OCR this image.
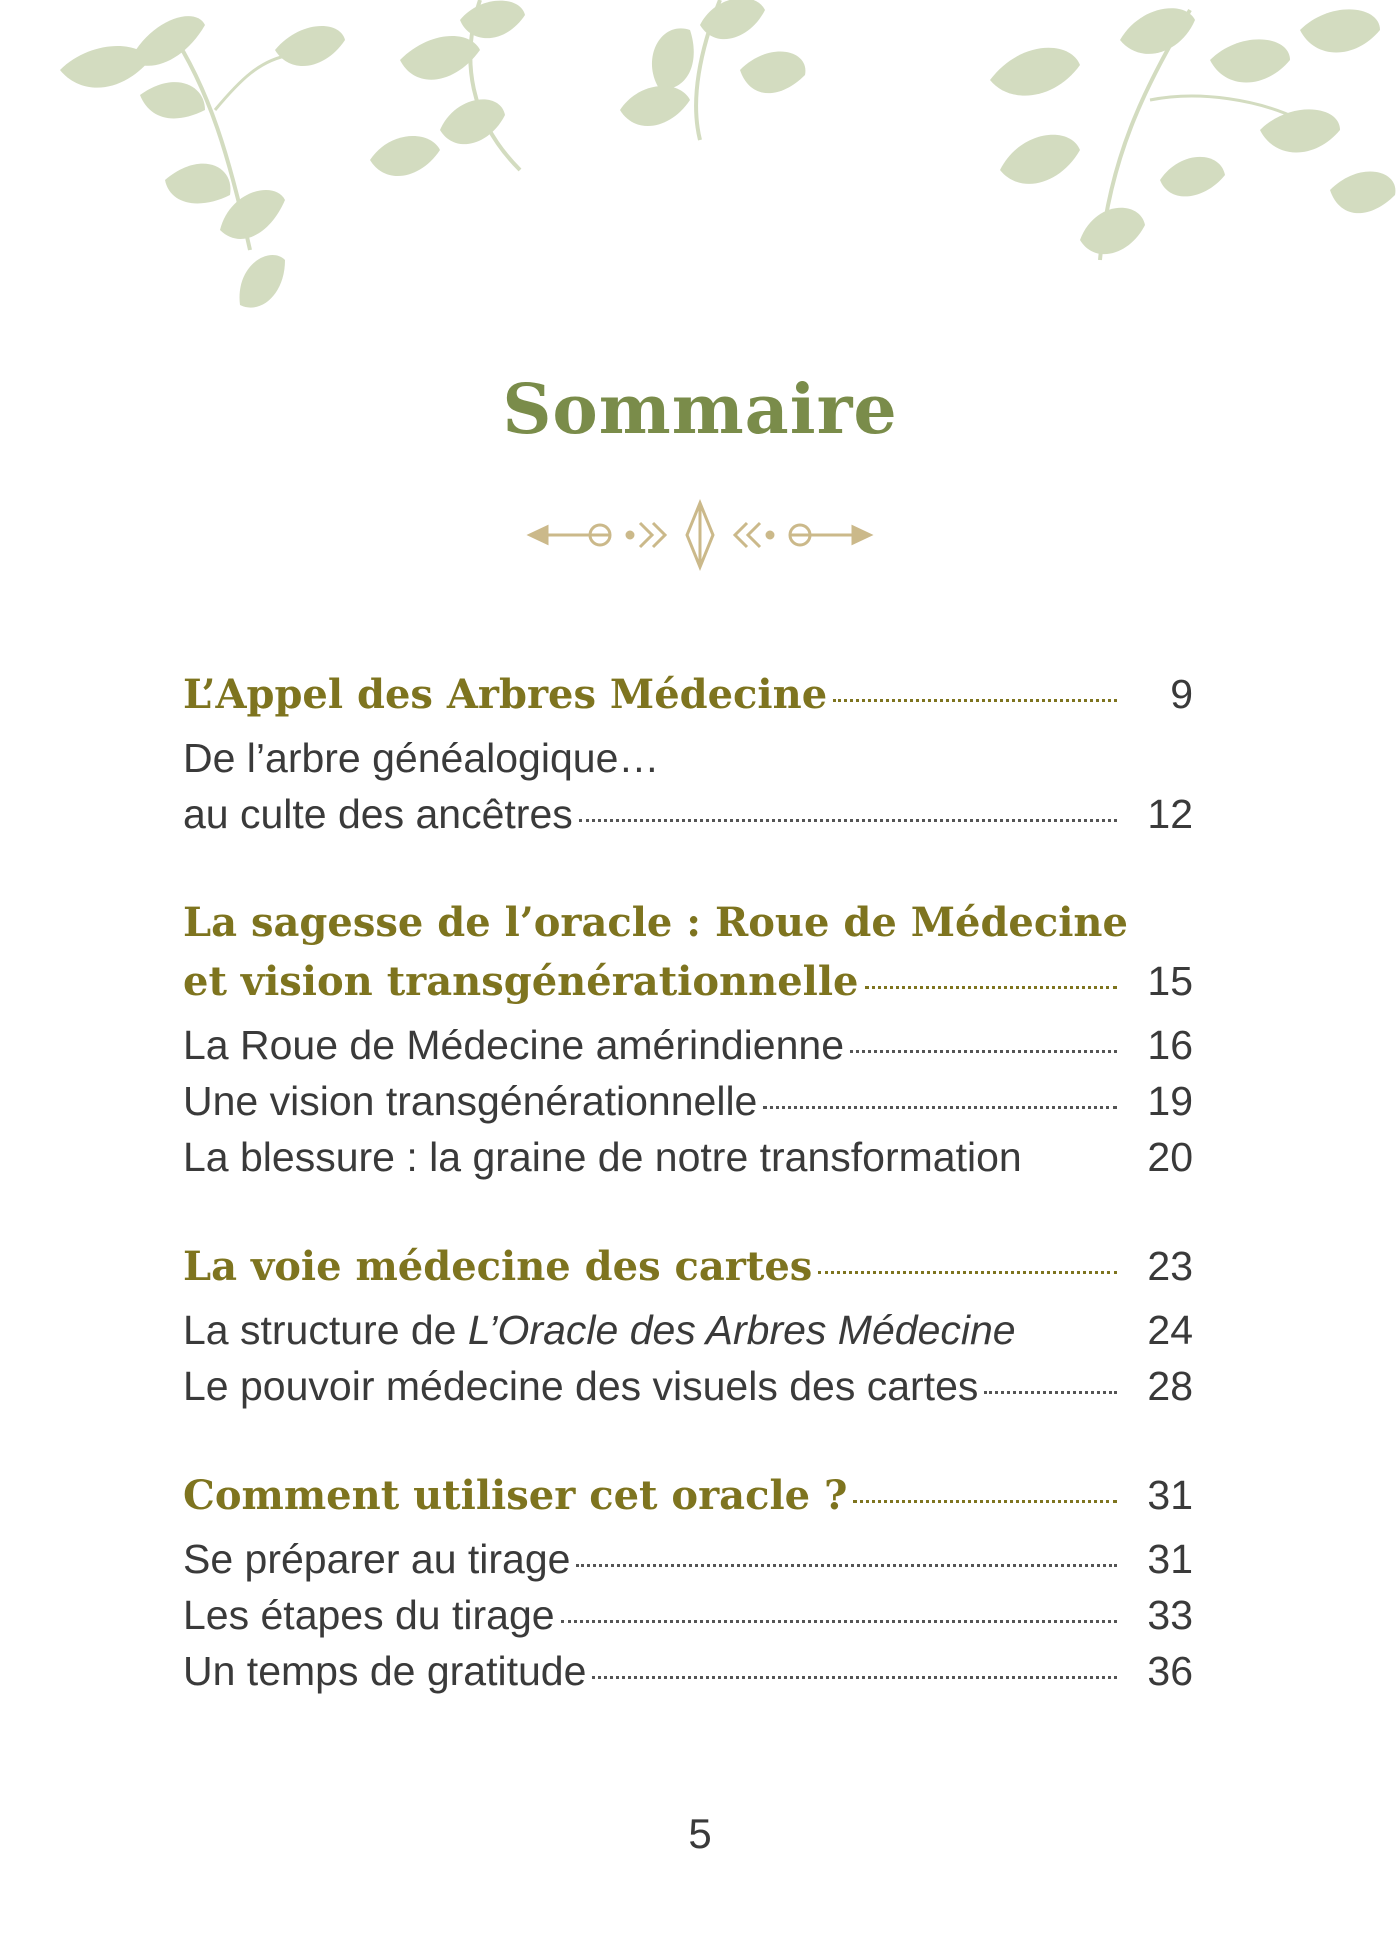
Sommaire
L’Appel des Arbres Médecine	9
De l’arbre généalogique…
au culte des ancêtres	12
La sagesse de l’oracle : Roue de Médecine
et vision transgénérationnelle	15
La Roue de Médecine amérindienne	16
Une vision transgénérationnelle	19
La blessure : la graine de notre transformation	20
La voie médecine des cartes	23
La structure de L’Oracle des Arbres Médecine	24
Le pouvoir médecine des visuels des cartes	28
Comment utiliser cet oracle ?	31
Se préparer au tirage	31
Les étapes du tirage	33
Un temps de gratitude	36
5
